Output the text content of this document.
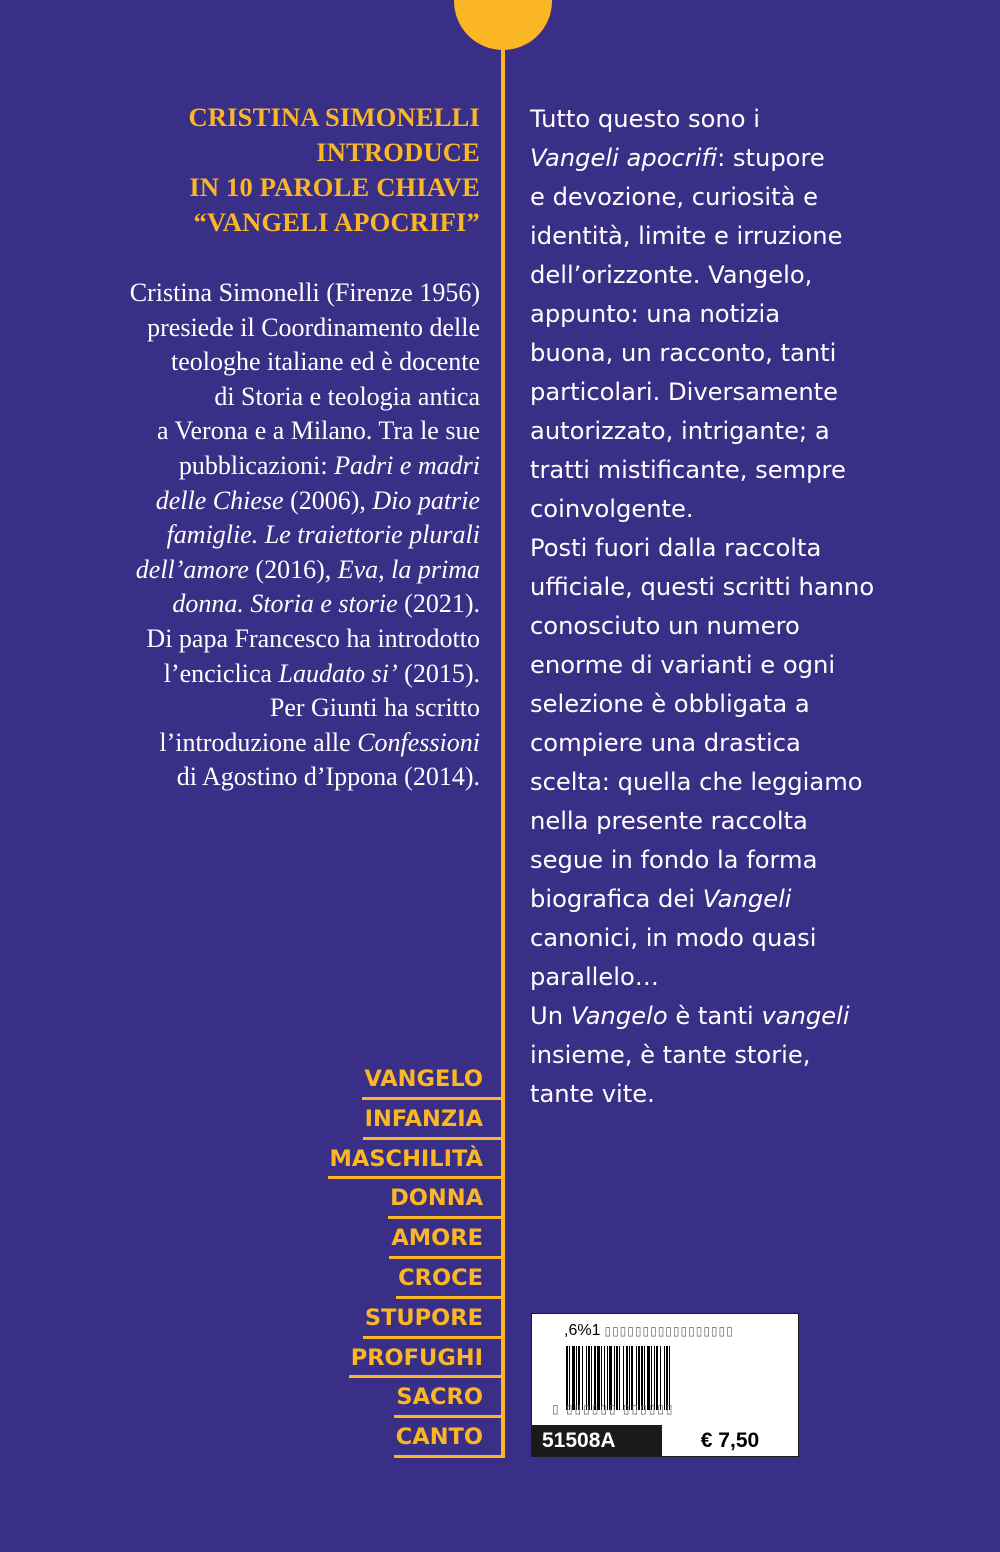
CRISTINA SIMONELLI
INTRODUCE
IN 10 PAROLE CHIAVE
“VANGELI APOCRIFI”
Cristina Simonelli (Firenze 1956)
presiede il Coordinamento delle
teologhe italiane ed è docente
di Storia e teologia antica
a Verona e a Milano. Tra le sue
pubblicazioni: Padri e madri
delle Chiese (2006), Dio patrie
famiglie. Le traiettorie plurali
dell’amore (2016), Eva, la prima
donna. Storia e storie (2021).
Di papa Francesco ha introdotto
l’enciclica Laudato si’ (2015).
Per Giunti ha scritto
l’introduzione alle Confessioni
di Agostino d’Ippona (2014).
VANGELO
INFANZIA
MASCHILITÀ
DONNA
AMORE
CROCE
STUPORE
PROFUGHI
SACRO
CANTO
Tutto questo sono i
Vangeli apocrifi: stupore
e devozione, curiosità e
identità, limite e irruzione
dell’orizzonte. Vangelo,
appunto: una notizia
buona, un racconto, tanti
particolari. Diversamente
autorizzato, intrigante; a
tratti mistificante, sempre
coinvolgente.
Posti fuori dalla raccolta
ufficiale, questi scritti hanno
conosciuto un numero
enorme di varianti e ogni
selezione è obbligata a
compiere una drastica
scelta: quella che leggiamo
nella presente raccolta
segue in fondo la forma
biografica dei Vangeli
canonici, in modo quasi
parallelo…
Un Vangelo è tanti vangeli
insieme, è tante storie,
tante vite.
,6%1 ▯▯▯▯▯▯▯▯▯▯▯▯▯▯▯▯▯
▯ ▯▯▯▯▯▯ ▯▯▯▯▯▯
51508A	€ 7,50
